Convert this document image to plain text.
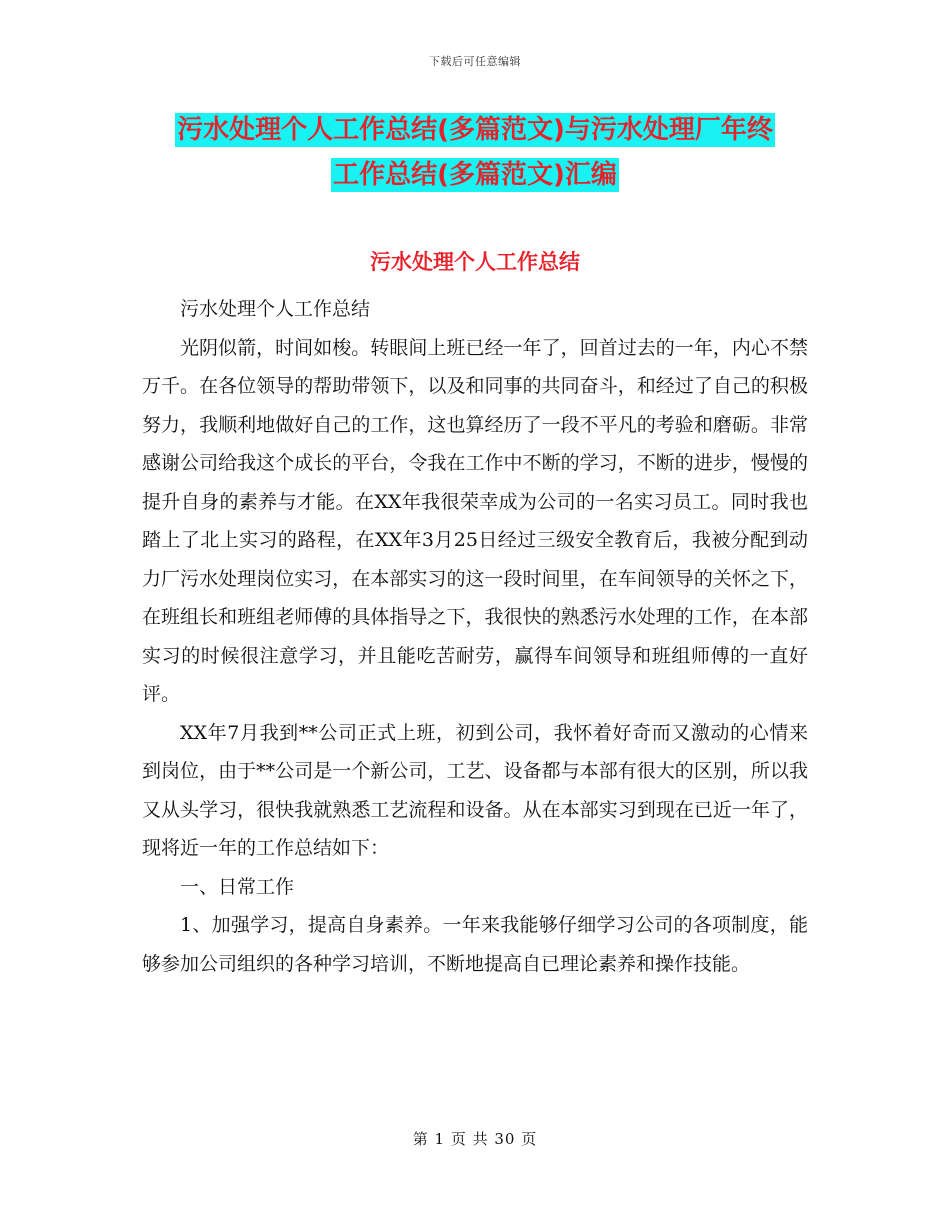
下载后可任意编辑
污水处理个人工作总结(多篇范文)与污水处理厂年终
工作总结(多篇范文)汇编
污水处理个人工作总结

污水处理个人工作总结

光阴似箭，时间如梭。转眼间上班已经一年了，回首过去的一年，内心不禁万千。在各位领导的帮助带领下，以及和同事的共同奋斗，和经过了自己的积极努力，我顺利地做好自己的工作，这也算经历了一段不平凡的考验和磨砺。非常感谢公司给我这个成长的平台，令我在工作中不断的学习，不断的进步，慢慢的提升自身的素养与才能。在XX年我很荣幸成为公司的一名实习员工。同时我也踏上了北上实习的路程，在XX年3月25日经过三级安全教育后，我被分配到动力厂污水处理岗位实习，在本部实习的这一段时间里，在车间领导的关怀之下，在班组长和班组老师傅的具体指导之下，我很快的熟悉污水处理的工作，在本部实习的时候很注意学习，并且能吃苦耐劳，赢得车间领导和班组师傅的一直好评。

XX年7月我到**公司正式上班，初到公司，我怀着好奇而又激动的心情来到岗位，由于**公司是一个新公司，工艺、设备都与本部有很大的区别，所以我又从头学习，很快我就熟悉工艺流程和设备。从在本部实习到现在已近一年了，现将近一年的工作总结如下：

一、日常工作

1、加强学习，提高自身素养。一年来我能够仔细学习公司的各项制度，能够参加公司组织的各种学习培训，不断地提高自已理论素养和操作技能。

第 1 页 共 30 页
